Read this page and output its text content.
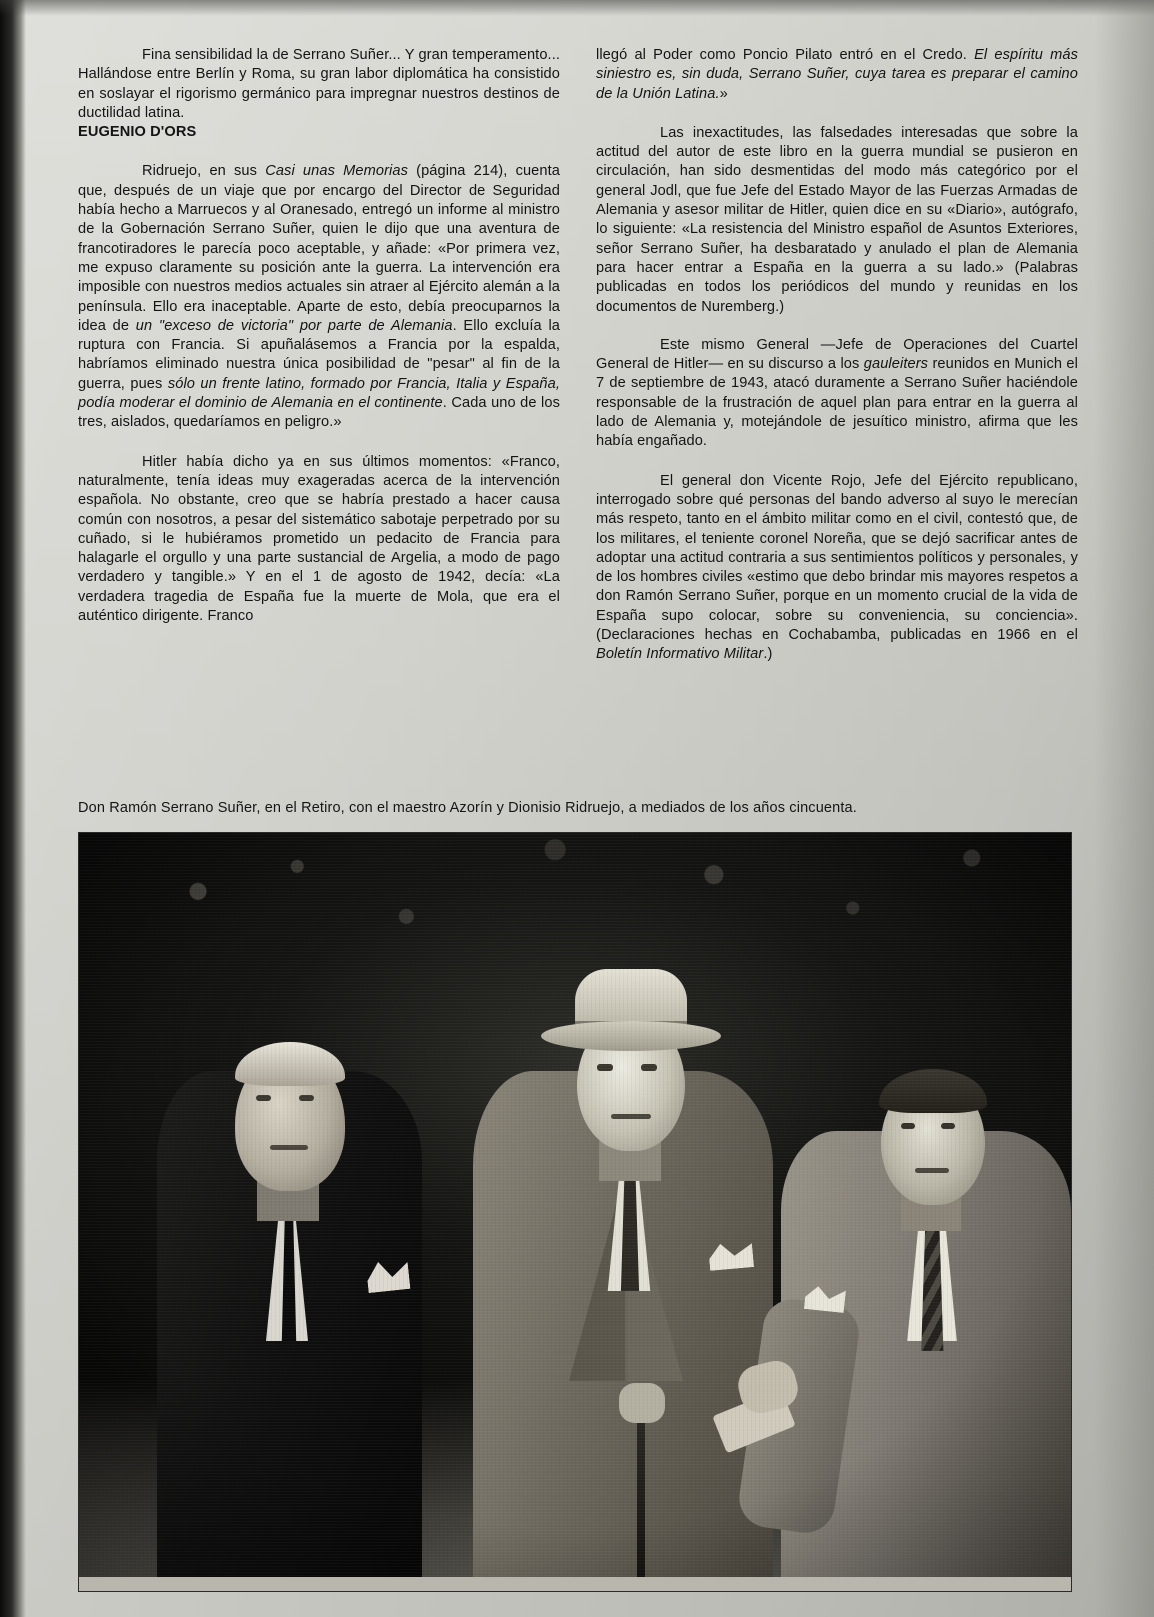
Fina sensibilidad la de Serrano Suñer... Y gran temperamento... Hallándose entre Berlín y Roma, su gran labor diplomática ha consistido en soslayar el rigorismo germánico para impregnar nuestros destinos de ductilidad latina.

EUGENIO D'ORS

Ridruejo, en sus Casi unas Memorias (página 214), cuenta que, después de un viaje que por encargo del Director de Seguridad había hecho a Marruecos y al Oranesado, entregó un informe al ministro de la Gobernación Serrano Suñer, quien le dijo que una aventura de francotiradores le parecía poco aceptable, y añade: «Por primera vez, me expuso claramente su posición ante la guerra. La intervención era imposible con nuestros medios actuales sin atraer al Ejército alemán a la península. Ello era inaceptable. Aparte de esto, debía preocuparnos la idea de un "exceso de victoria" por parte de Alemania. Ello excluía la ruptura con Francia. Si apuñalásemos a Francia por la espalda, habríamos eliminado nuestra única posibilidad de "pesar" al fin de la guerra, pues sólo un frente latino, formado por Francia, Italia y España, podía moderar el dominio de Alemania en el continente. Cada uno de los tres, aislados, quedaríamos en peligro.»

Hitler había dicho ya en sus últimos momentos: «Franco, naturalmente, tenía ideas muy exageradas acerca de la intervención española. No obstante, creo que se habría prestado a hacer causa común con nosotros, a pesar del sistemático sabotaje perpetrado por su cuñado, si le hubiéramos prometido un pedacito de Francia para halagarle el orgullo y una parte sustancial de Argelia, a modo de pago verdadero y tangible.» Y en el 1 de agosto de 1942, decía: «La verdadera tragedia de España fue la muerte de Mola, que era el auténtico dirigente. Franco

llegó al Poder como Poncio Pilato entró en el Credo. El espíritu más siniestro es, sin duda, Serrano Suñer, cuya tarea es preparar el camino de la Unión Latina.»

Las inexactitudes, las falsedades interesadas que sobre la actitud del autor de este libro en la guerra mundial se pusieron en circulación, han sido desmentidas del modo más categórico por el general Jodl, que fue Jefe del Estado Mayor de las Fuerzas Armadas de Alemania y asesor militar de Hitler, quien dice en su «Diario», autógrafo, lo siguiente: «La resistencia del Ministro español de Asuntos Exteriores, señor Serrano Suñer, ha desbaratado y anulado el plan de Alemania para hacer entrar a España en la guerra a su lado.» (Palabras publicadas en todos los periódicos del mundo y reunidas en los documentos de Nuremberg.)

Este mismo General —Jefe de Operaciones del Cuartel General de Hitler— en su discurso a los gauleiters reunidos en Munich el 7 de septiembre de 1943, atacó duramente a Serrano Suñer haciéndole responsable de la frustración de aquel plan para entrar en la guerra al lado de Alemania y, motejándole de jesuítico ministro, afirma que les había engañado.

El general don Vicente Rojo, Jefe del Ejército republicano, interrogado sobre qué personas del bando adverso al suyo le merecían más respeto, tanto en el ámbito militar como en el civil, contestó que, de los militares, el teniente coronel Noreña, que se dejó sacrificar antes de adoptar una actitud contraria a sus sentimientos políticos y personales, y de los hombres civiles «estimo que debo brindar mis mayores respetos a don Ramón Serrano Suñer, porque en un momento crucial de la vida de España supo colocar, sobre su conveniencia, su conciencia». (Declaraciones hechas en Cochabamba, publicadas en 1966 en el Boletín Informativo Militar.)

Don Ramón Serrano Suñer, en el Retiro, con el maestro Azorín y Dionisio Ridruejo, a mediados de los años cincuenta.
